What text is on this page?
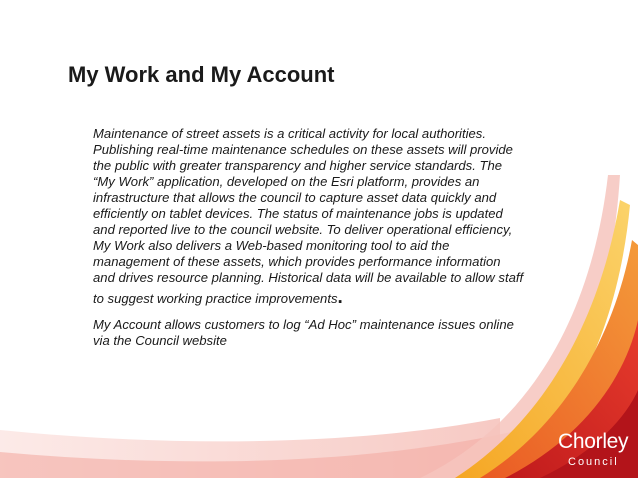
My Work and My Account

Maintenance of street assets is a critical activity for local authorities.
Publishing real-time maintenance schedules on these assets will provide
the public with greater transparency and higher service standards. The
“My Work” application, developed on the Esri platform, provides an
infrastructure that allows the council to capture asset data quickly and
efficiently on tablet devices. The status of maintenance jobs is updated
and reported live to the council website. To deliver operational efficiency,
My Work also delivers a Web-based monitoring tool to aid the
management of these assets, which provides performance information
and drives resource planning. Historical data will be available to allow staff
to suggest working practice improvements.

My Account allows customers to log “Ad Hoc” maintenance issues online
via the Council website

Chorley
Council
